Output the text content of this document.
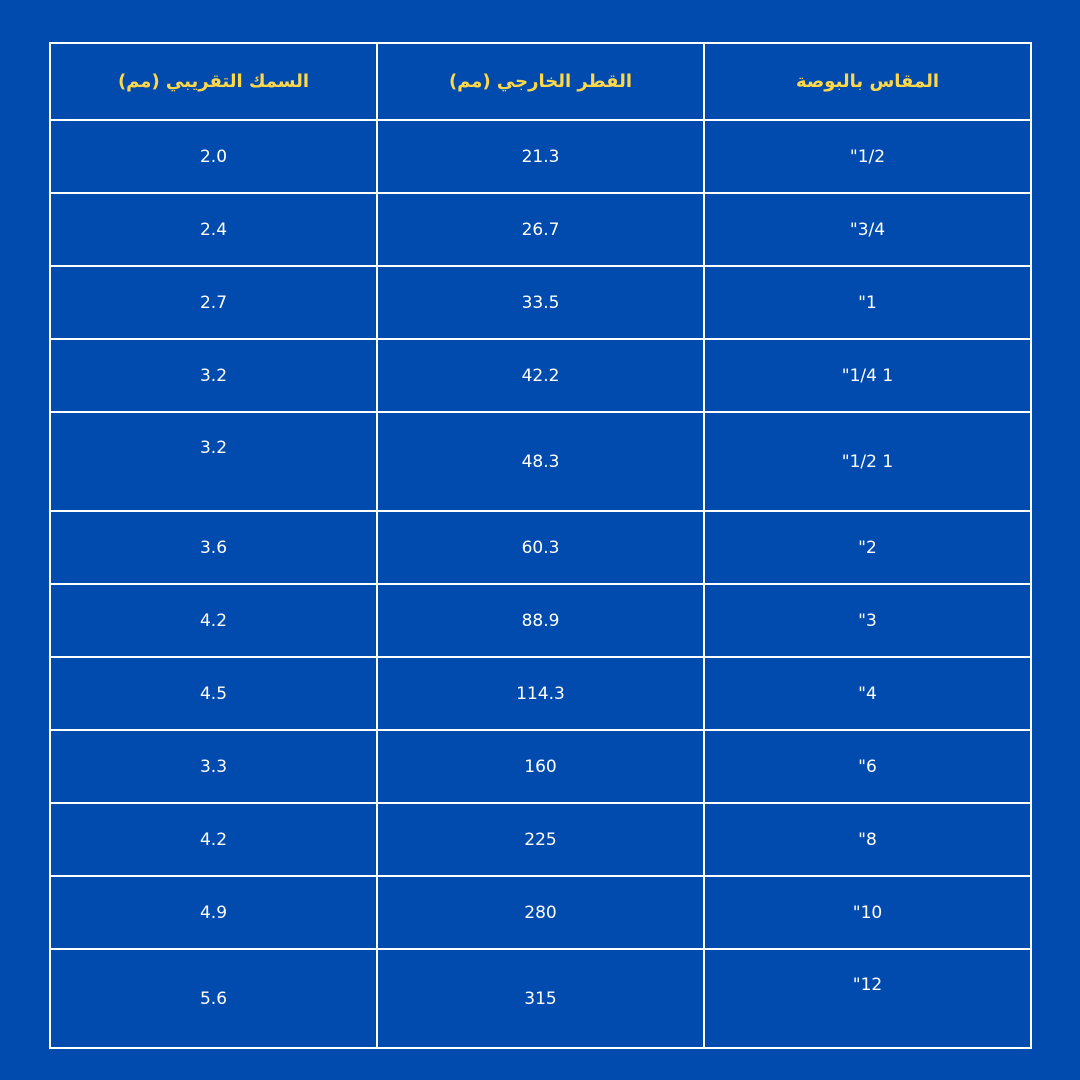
المقاس بالبوصة	القطر الخارجي (مم)	السمك التقريبي (مم)
1/2"	21.3	2.0
3/4"	26.7	2.4
1"	33.5	2.7
1 1/4"	42.2	3.2
1 1/2"	48.3	3.2
2"	60.3	3.6
3"	88.9	4.2
4"	114.3	4.5
6"	160	3.3
8"	225	4.2
10"	280	4.9
12"	315	5.6
